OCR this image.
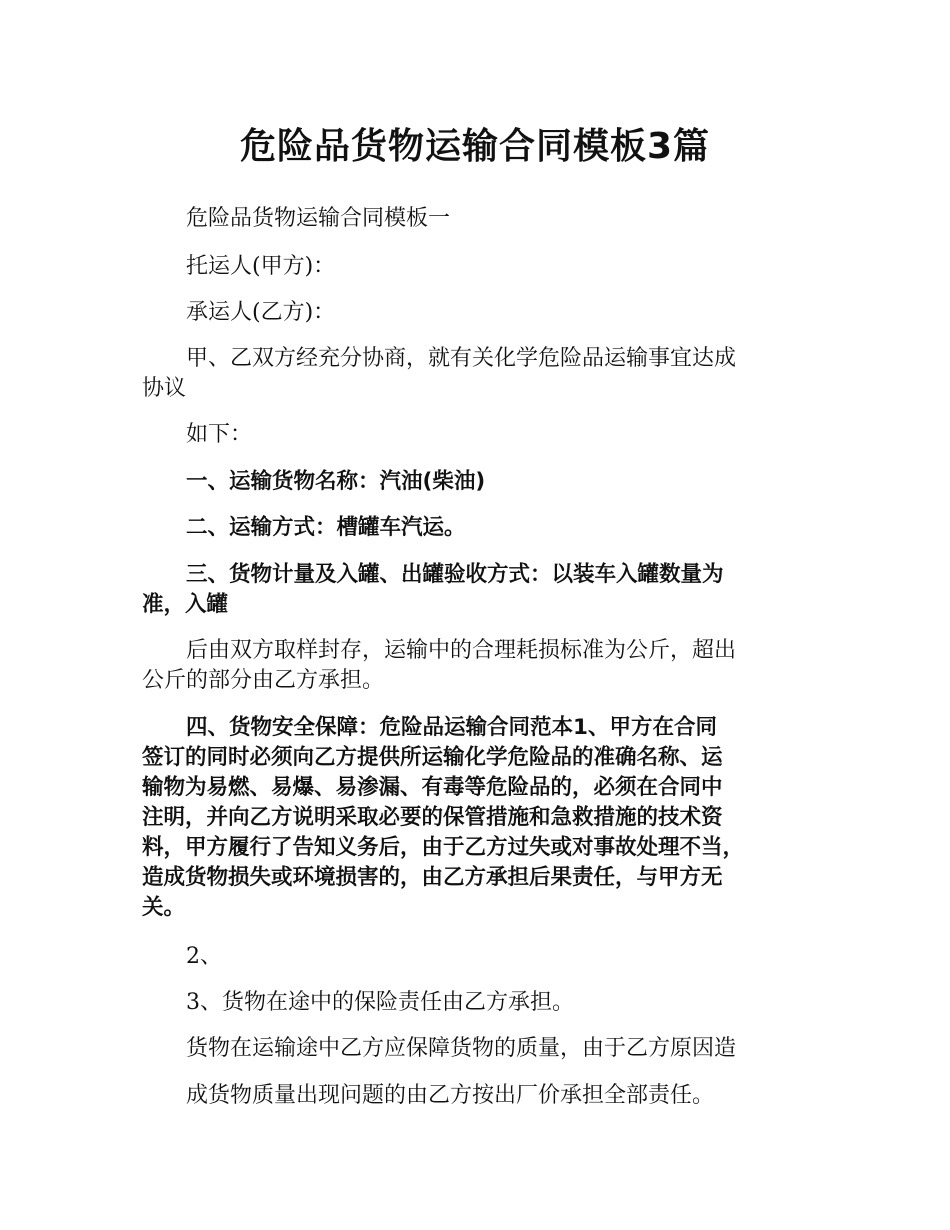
危险品货物运输合同模板3篇

危险品货物运输合同模板一

托运人(甲方)：

承运人(乙方)：

甲、乙双方经充分协商，就有关化学危险品运输事宜达成
协议

如下：

一、运输货物名称：汽油(柴油)

二、运输方式：槽罐车汽运。

三、货物计量及入罐、出罐验收方式：以装车入罐数量为
准，入罐

后由双方取样封存，运输中的合理耗损标准为公斤，超出
公斤的部分由乙方承担。

四、货物安全保障：危险品运输合同范本1、甲方在合同
签订的同时必须向乙方提供所运输化学危险品的准确名称、运
输物为易燃、易爆、易渗漏、有毒等危险品的，必须在合同中
注明，并向乙方说明采取必要的保管措施和急救措施的技术资
料，甲方履行了告知义务后，由于乙方过失或对事故处理不当，
造成货物损失或环境损害的，由乙方承担后果责任，与甲方无
关。

2、

3、货物在途中的保险责任由乙方承担。

货物在运输途中乙方应保障货物的质量，由于乙方原因造

成货物质量出现问题的由乙方按出厂价承担全部责任。
